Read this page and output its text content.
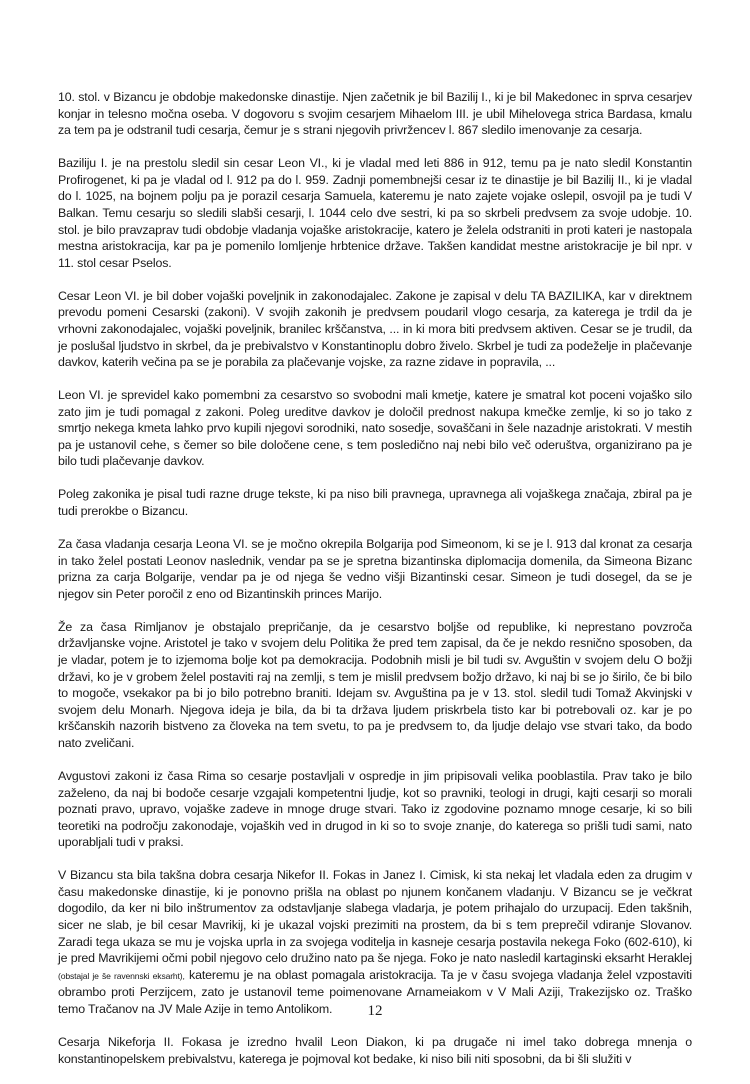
10. stol. v Bizancu je obdobje makedonske dinastije. Njen začetnik je bil Bazilij I., ki je bil Makedonec in sprva cesarjev konjar in telesno močna oseba. V dogovoru s svojim cesarjem Mihaelom III. je ubil Mihelovega strica Bardasa, kmalu za tem pa je odstranil tudi cesarja, čemur je s strani njegovih privržencev l. 867 sledilo imenovanje za cesarja.

Baziliju I. je na prestolu sledil sin cesar Leon VI., ki je vladal med leti 886 in 912, temu pa je nato sledil Konstantin Profirogenet, ki pa je vladal od l. 912 pa do l. 959. Zadnji pomembnejši cesar iz te dinastije je bil Bazilij II., ki je vladal do l. 1025, na bojnem polju pa je porazil cesarja Samuela, kateremu je nato zajete vojake oslepil, osvojil pa je tudi V Balkan. Temu cesarju so sledili slabši cesarji, l. 1044 celo dve sestri, ki pa so skrbeli predvsem za svoje udobje. 10. stol. je bilo pravzaprav tudi obdobje vladanja vojaške aristokracije, katero je želela odstraniti in proti kateri je nastopala mestna aristokracija, kar pa je pomenilo lomljenje hrbtenice države. Takšen kandidat mestne aristokracije je bil npr. v 11. stol cesar Pselos.

Cesar Leon VI. je bil dober vojaški poveljnik in zakonodajalec. Zakone je zapisal v delu TA BAZILIKA, kar v direktnem prevodu pomeni Cesarski (zakoni). V svojih zakonih je predvsem poudaril vlogo cesarja, za katerega je trdil da je vrhovni zakonodajalec, vojaški poveljnik, branilec krščanstva, ... in ki mora biti predvsem aktiven. Cesar se je trudil, da je poslušal ljudstvo in skrbel, da je prebivalstvo v Konstantinoplu dobro živelo. Skrbel je tudi za podeželje in plačevanje davkov, katerih večina pa se je porabila za plačevanje vojske, za razne zidave in popravila, ...

Leon VI. je sprevidel kako pomembni za cesarstvo so svobodni mali kmetje, katere je smatral kot poceni vojaško silo zato jim je tudi pomagal z zakoni. Poleg ureditve davkov je določil prednost nakupa kmečke zemlje, ki so jo tako z smrtjo nekega kmeta lahko prvo kupili njegovi sorodniki, nato sosedje, sovaščani in šele nazadnje aristokrati. V mestih pa je ustanovil cehe, s čemer so bile določene cene, s tem posledično naj nebi bilo več oderuštva, organizirano pa je bilo tudi plačevanje davkov.

Poleg zakonika je pisal tudi razne druge tekste, ki pa niso bili pravnega, upravnega ali vojaškega značaja, zbiral pa je tudi prerokbe o Bizancu.

Za časa vladanja cesarja Leona VI. se je močno okrepila Bolgarija pod Simeonom, ki se je l. 913 dal kronat za cesarja in tako želel postati Leonov naslednik, vendar pa se je spretna bizantinska diplomacija domenila, da Simeona Bizanc prizna za carja Bolgarije, vendar pa je od njega še vedno višji Bizantinski cesar. Simeon je tudi dosegel, da se je njegov sin Peter poročil z eno od Bizantinskih princes Marijo.

Že za časa Rimljanov je obstajalo prepričanje, da je cesarstvo boljše od republike, ki neprestano povzroča državljanske vojne. Aristotel je tako v svojem delu Politika že pred tem zapisal, da če je nekdo resnično sposoben, da je vladar, potem je to izjemoma bolje kot pa demokracija. Podobnih misli je bil tudi sv. Avguštin v svojem delu O božji državi, ko je v grobem želel postaviti raj na zemlji, s tem je mislil predvsem božjo državo, ki naj bi se jo širilo, če bi bilo to mogoče, vsekakor pa bi jo bilo potrebno braniti. Idejam sv. Avguština pa je v 13. stol. sledil tudi Tomaž Akvinjski v svojem delu Monarh. Njegova ideja je bila, da bi ta država ljudem priskrbela tisto kar bi potrebovali oz. kar je po krščanskih nazorih bistveno za človeka na tem svetu, to pa je predvsem to, da ljudje delajo vse stvari tako, da bodo nato zveličani.

Avgustovi zakoni iz časa Rima so cesarje postavljali v ospredje in jim pripisovali velika pooblastila. Prav tako je bilo zaželeno, da naj bi bodoče cesarje vzgajali kompetentni ljudje, kot so pravniki, teologi in drugi, kajti cesarji so morali poznati pravo, upravo, vojaške zadeve in mnoge druge stvari. Tako iz zgodovine poznamo mnoge cesarje, ki so bili teoretiki na področju zakonodaje, vojaških ved in drugod in ki so to svoje znanje, do katerega so prišli tudi sami, nato uporabljali tudi v praksi.

V Bizancu sta bila takšna dobra cesarja Nikefor II. Fokas in Janez I. Cimisk, ki sta nekaj let vladala eden za drugim v času makedonske dinastije, ki je ponovno prišla na oblast po njunem končanem vladanju. V Bizancu se je večkrat dogodilo, da ker ni bilo inštrumentov za odstavljanje slabega vladarja, je potem prihajalo do urzupacij. Eden takšnih, sicer ne slab, je bil cesar Mavrikij, ki je ukazal vojski prezimiti na prostem, da bi s tem preprečil vdiranje Slovanov. Zaradi tega ukaza se mu je vojska uprla in za svojega voditelja in kasneje cesarja postavila nekega Foko (602-610), ki je pred Mavrikijemi očmi pobil njegovo celo družino nato pa še njega. Foko je nato nasledil kartaginski eksarht Heraklej (obstajal je še ravennski eksarht), kateremu je na oblast pomagala aristokracija. Ta je v času svojega vladanja želel vzpostaviti obrambo proti Perzijcem, zato je ustanovil teme poimenovane Arnameiakom v V Mali Aziji, Trakezijsko oz. Traško temo Tračanov na JV Male Azije in temo Antolikom.

Cesarja Nikeforja II. Fokasa je izredno hvalil Leon Diakon, ki pa drugače ni imel tako dobrega mnenja o konstantinopelskem prebivalstvu, katerega je pojmoval kot bedake, ki niso bili niti sposobni, da bi šli služiti v

12
